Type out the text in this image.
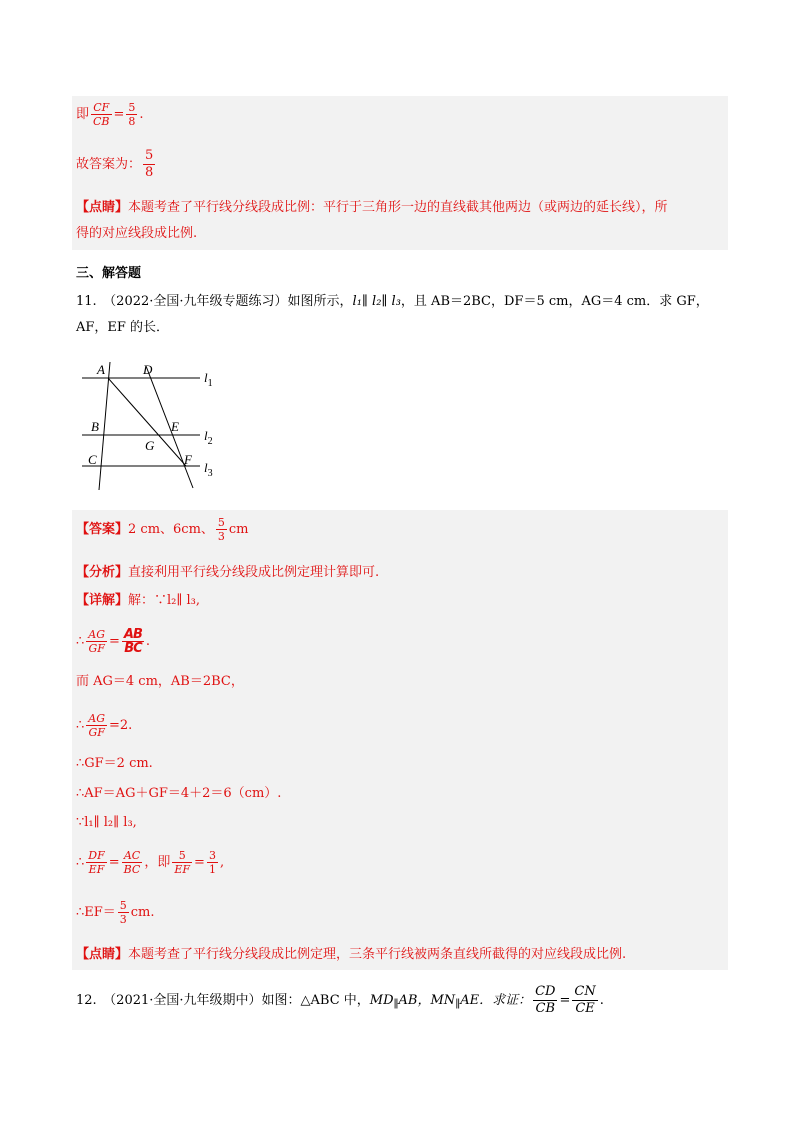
即 $\frac{CF}{CB} = \frac{5}{8}$ .
故答案为： $\frac{5}{8}$
【点睛】本题考查了平行线分线段成比例：平行于三角形一边的直线截其他两边（或两边的延长线），所
得的对应线段成比例.
三、解答题
11.　（2022·全国·九年级专题练习）如图所示，l₁∥ l₂∥ l₃，且 AB＝2BC，DF＝5 cm，AG＝4 cm．求 GF，
AF，EF 的长．
A	D
B	E
G
C	F
$l_1$
$l_2$
$l_3$
【答案】2 cm、6cm、 $\frac{5}{3}$ cm
【分析】直接利用平行线分线段成比例定理计算即可.
【详解】解：∵l₂∥ l₃,
∴ $\frac{AG}{GF} = \frac{AB}{BC}$ .
而 AG＝4 cm，AB＝2BC，
∴ $\frac{AG}{GF} =2$.
∴GF＝2 cm.
∴AF＝AG＋GF＝4＋2＝6（cm）.
∵l₁∥ l₂∥ l₃,
∴ $\frac{DF}{EF} = \frac{AC}{BC}$ ，即 $\frac{5}{EF} = \frac{3}{1}$ ,
∴EF＝ $\frac{5}{3}$ cm.
【点睛】本题考查了平行线分线段成比例定理，三条平行线被两条直线所截得的对应线段成比例.
12.　（2021·全国·九年级期中）如图：△ABC 中，$MD_\parallel AB$，$MN_\parallel AE$．求证： $\frac{CD}{CB} = \frac{CN}{CE}$ .
